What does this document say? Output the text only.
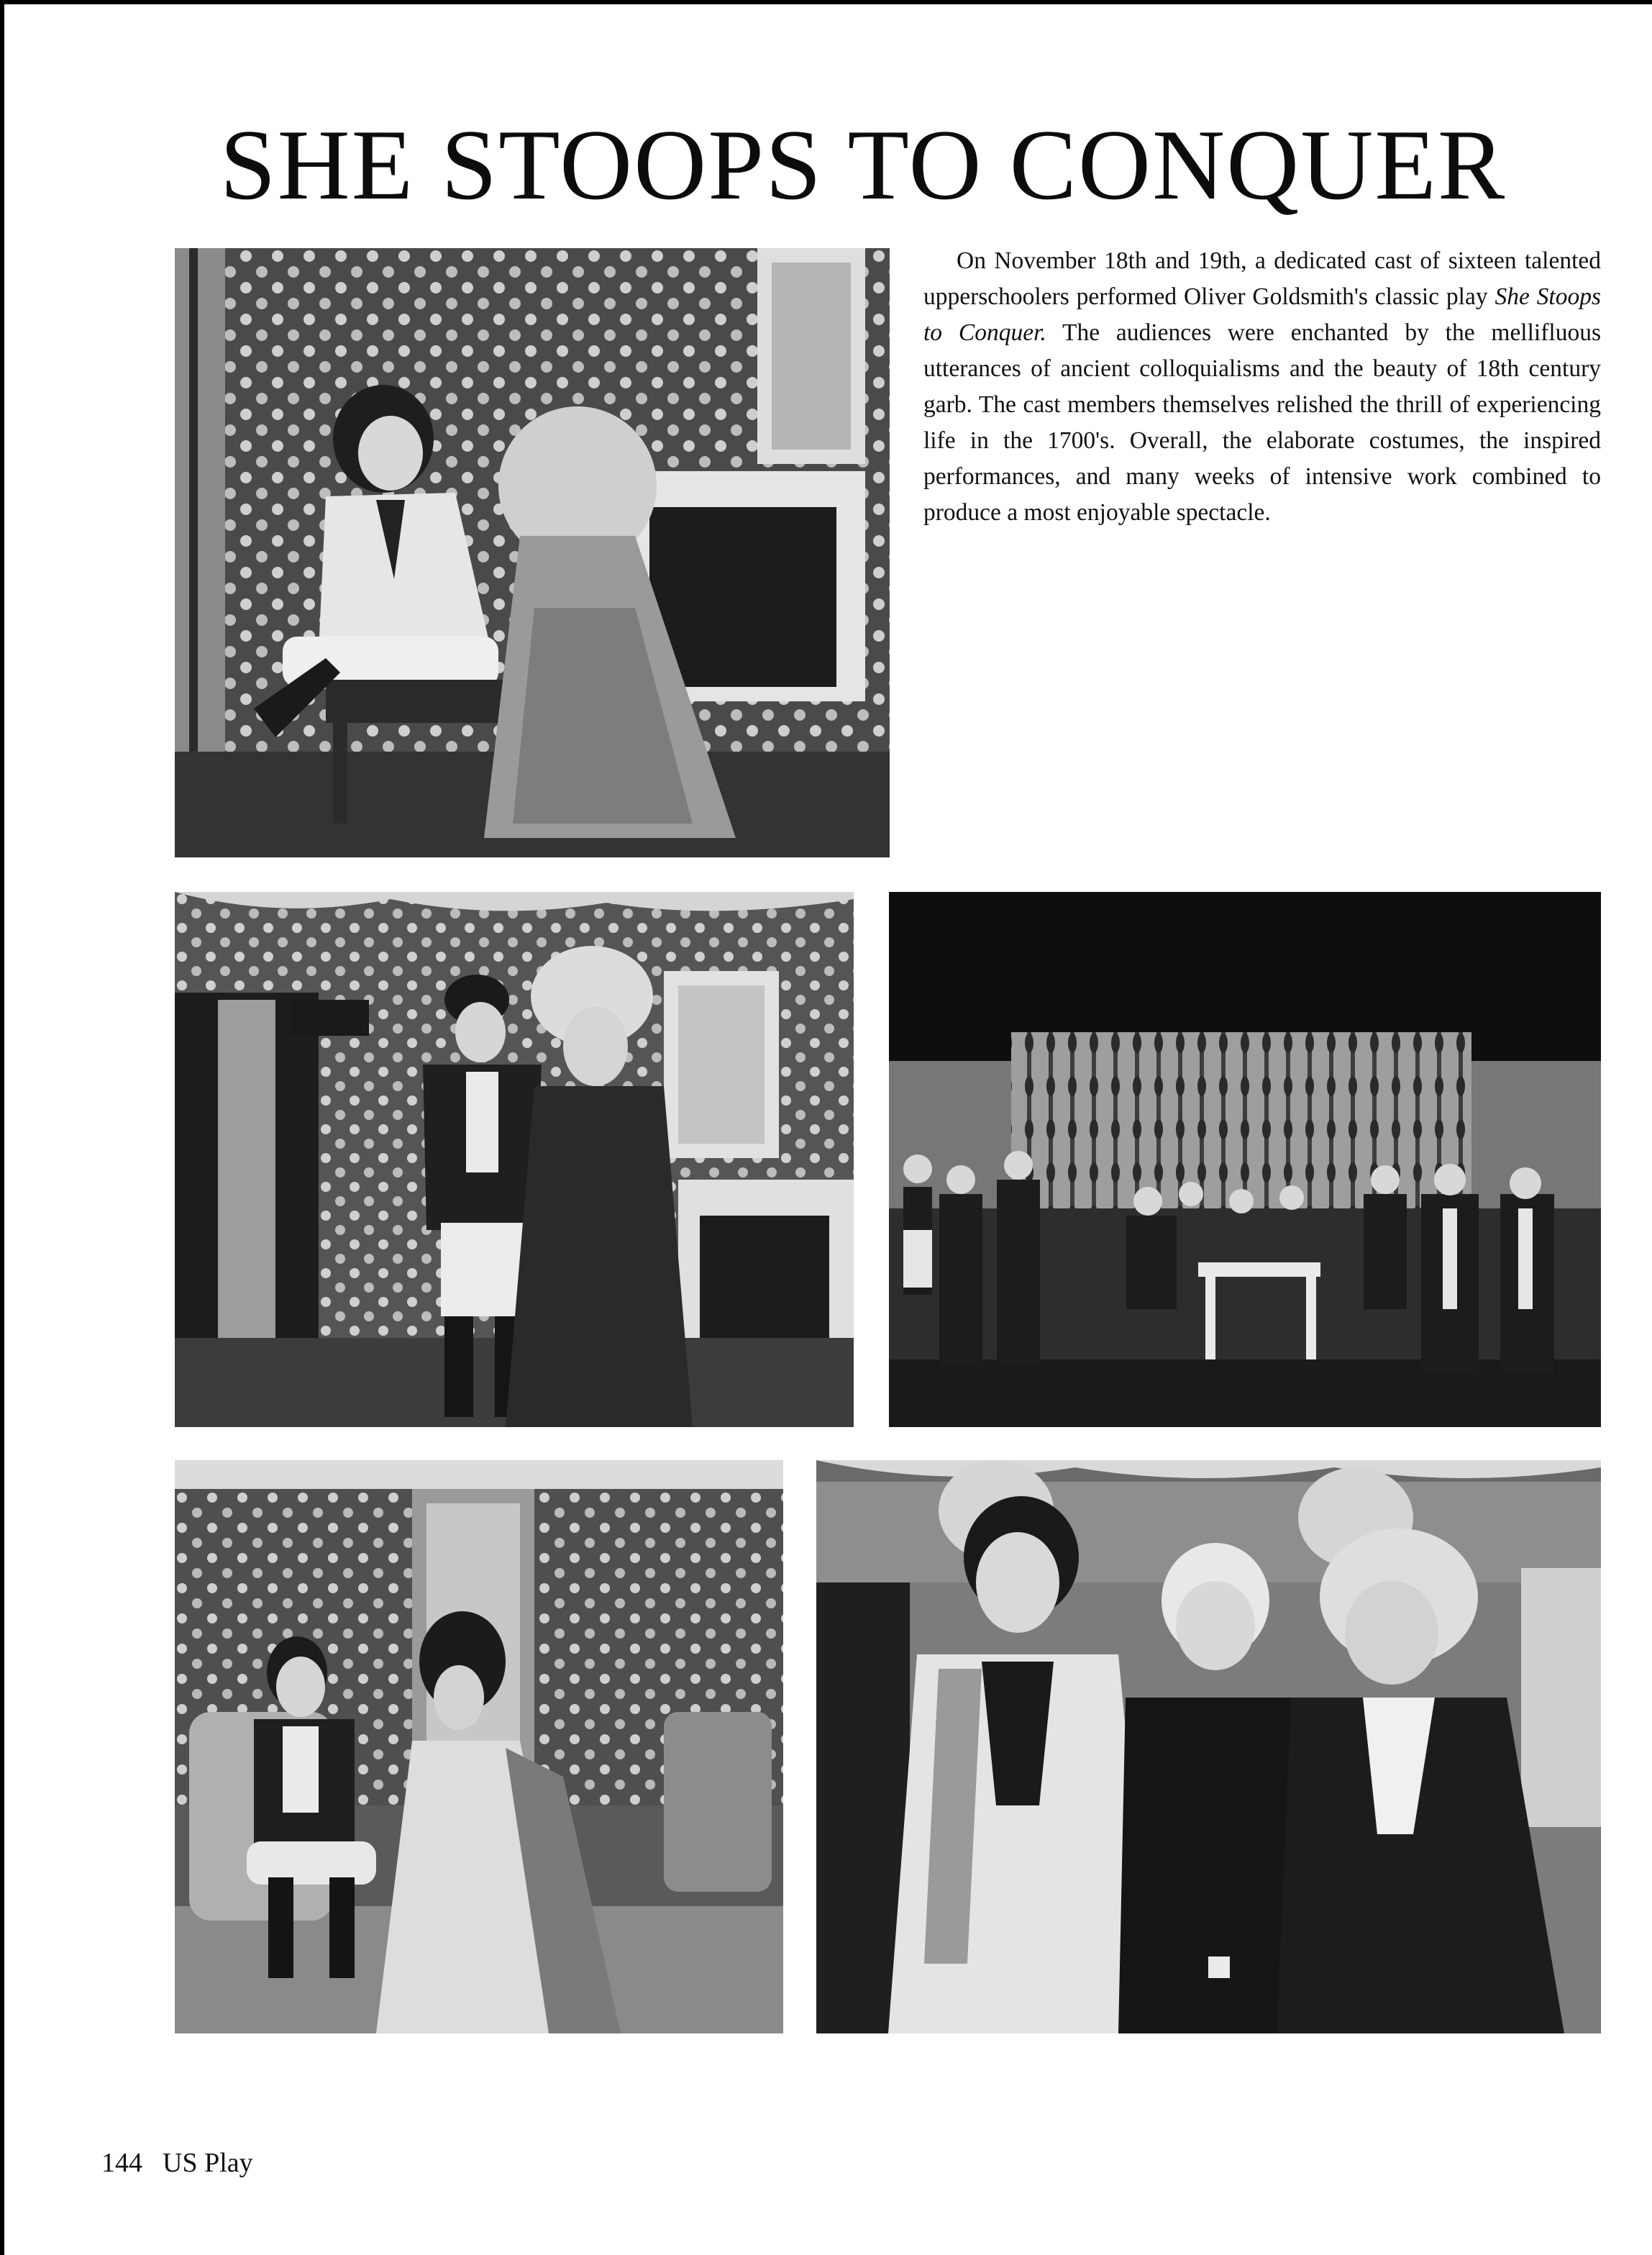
SHE STOOPS TO CONQUER

On November 18th and 19th, a dedicated cast of sixteen talented upperschoolers performed Oliver Goldsmith's classic play She Stoops to Conquer. The audiences were enchanted by the mellifluous utterances of ancient colloquialisms and the beauty of 18th century garb. The cast members themselves relished the thrill of experiencing life in the 1700's. Overall, the elaborate costumes, the inspired performances, and many weeks of intensive work combined to produce a most enjoyable spectacle.

144 US Play
